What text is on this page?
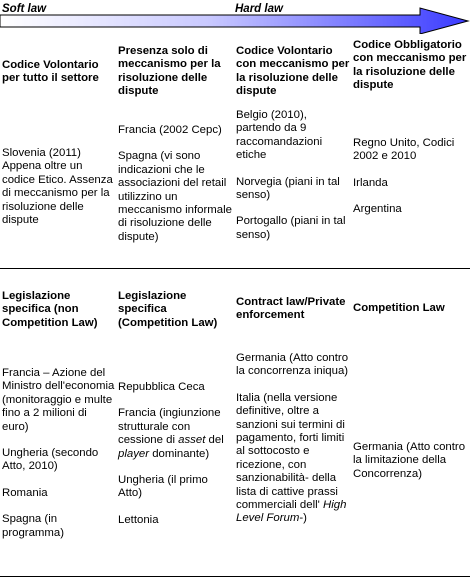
Soft law	Hard law
Codice Volontario per tutto il settore
Presenza solo di meccanismo per la risoluzione delle dispute
Codice Volontario con meccanismo per la risoluzione delle dispute
Codice Obbligatorio con meccanismo per la risoluzione delle dispute
Slovenia (2011) Appena oltre un codice Etico. Assenza di meccanismo per la risoluzione delle dispute
Francia (2002 Cepc)
Spagna (vi sono indicazioni che le associazioni del retail utilizzino un meccanismo informale di risoluzione delle dispute)
Belgio (2010), partendo da 9 raccomandazioni etiche
Norvegia (piani in tal senso)
Portogallo (piani in tal senso)
Regno Unito, Codici 2002 e 2010
Irlanda
Argentina
Legislazione specifica (non Competition Law)
Legislazione specifica (Competition Law)
Contract law/Private enforcement
Competition Law
Francia – Azione del Ministro dell'economia (monitoraggio e multe fino a 2 milioni di euro)
Ungheria (secondo Atto, 2010)
Romania
Spagna (in programma)
Repubblica Ceca
Francia (ingiunzione strutturale con cessione di asset del player dominante)
Ungheria (il primo Atto)
Lettonia
Germania (Atto contro la concorrenza iniqua)
Italia (nella versione definitive, oltre a sanzioni sui termini di pagamento, forti limiti al sottocosto e ricezione, con sanzionabilità- della lista di cattive prassi commerciali dell' High Level Forum-)
Germania (Atto contro la limitazione della Concorrenza)
